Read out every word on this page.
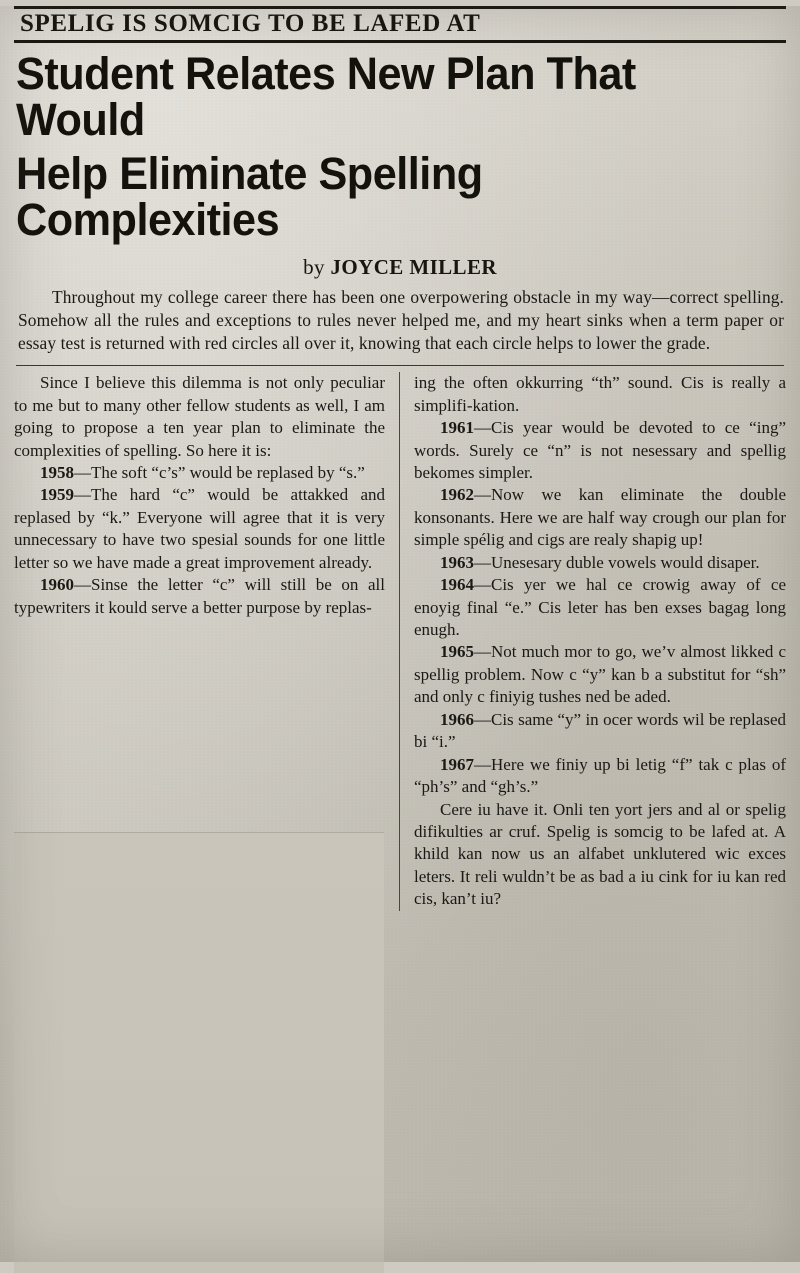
SPELIG IS SOMCIG TO BE LAFED AT
Student Relates New Plan That Would
Help Eliminate Spelling Complexities
by JOYCE MILLER

Throughout my college career there has been one overpowering obstacle in my way—correct spelling. Somehow all the rules and exceptions to rules never helped me, and my heart sinks when a term paper or essay test is returned with red circles all over it, knowing that each circle helps to lower the grade.

Since I believe this dilemma is not only peculiar to me but to many other fellow students as well, I am going to propose a ten year plan to eliminate the complexities of spelling. So here it is:

1958—The soft “c’s” would be replased by “s.”

1959—The hard “c” would be attakked and replased by “k.” Everyone will agree that it is very unnecessary to have two spesial sounds for one little letter so we have made a great improvement already.

1960—Sinse the letter “c” will still be on all typewriters it kould serve a better purpose by replas-

ing the often okkurring “th” sound. Cis is really a simplifi-kation.

1961—Cis year would be devoted to ce “ing” words. Surely ce “n” is not nesessary and spellig bekomes simpler.

1962—Now we kan eliminate the double konsonants. Here we are half way crough our plan for simple spélig and cigs are realy shapig up!

1963—Unesesary duble vowels would disaper.

1964—Cis yer we hal ce crowig away of ce enoyig final “e.” Cis leter has ben exses bagag long enugh.

1965—Not much mor to go, we’v almost likked c spellig problem. Now c “y” kan b a substitut for “sh” and only c finiyig tushes ned be aded.

1966—Cis same “y” in ocer words wil be replased bi “i.”

1967—Here we finiy up bi letig “f” tak c plas of “ph’s” and “gh’s.”

Cere iu have it. Onli ten yort jers and al or spelig difikulties ar cruf. Spelig is somcig to be lafed at. A khild kan now us an alfabet unklutered wic exces leters. It reli wuldn’t be as bad a iu cink for iu kan red cis, kan’t iu?
